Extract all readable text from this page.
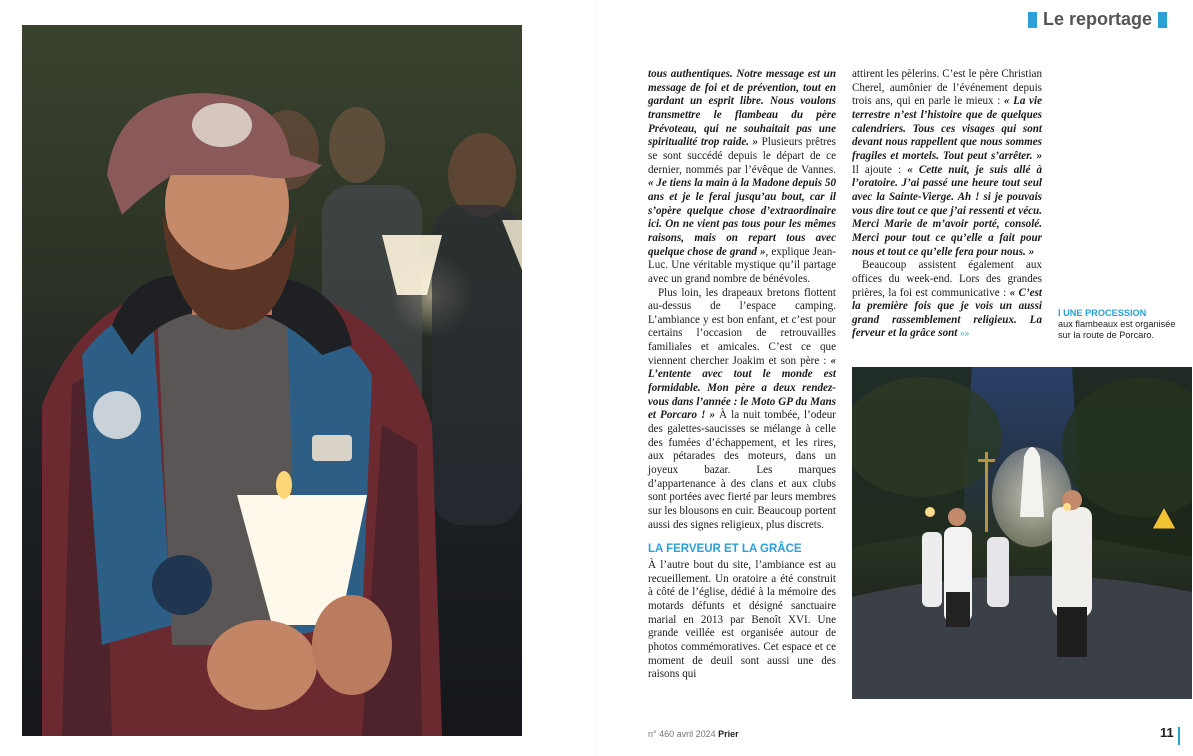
Le reportage

tous authentiques. Notre message est un message de foi et de prévention, tout en gardant un esprit libre. Nous voulons transmettre le flambeau du père Prévoteau, qui ne souhaitait pas une spiritualité trop raide. » Plusieurs prêtres se sont succédé depuis le départ de ce dernier, nommés par l’évêque de Vannes. « Je tiens la main à la Madone depuis 50 ans et je le ferai jusqu’au bout, car il s’opère quelque chose d’extraordinaire ici. On ne vient pas tous pour les mêmes raisons, mais on repart tous avec quelque chose de grand », explique Jean-Luc. Une véritable mystique qu’il partage avec un grand nombre de bénévoles.

Plus loin, les drapeaux bretons flottent au-dessus de l’espace camping. L’ambiance y est bon enfant, et c’est pour certains l’occasion de retrouvailles familiales et amicales. C’est ce que viennent chercher Joakim et son père : « L’entente avec tout le monde est formidable. Mon père a deux rendez-vous dans l’année : le Moto GP du Mans et Porcaro ! » À la nuit tombée, l’odeur des galettes-saucisses se mélange à celle des fumées d’échappement, et les rires, aux pétarades des moteurs, dans un joyeux bazar. Les marques d’appartenance à des clans et aux clubs sont portées avec fierté par leurs membres sur les blousons en cuir. Beaucoup portent aussi des signes religieux, plus discrets.

LA FERVEUR ET LA GRÂCE

À l’autre bout du site, l’ambiance est au recueillement. Un oratoire a été construit à côté de l’église, dédié à la mémoire des motards défunts et désigné sanctuaire marial en 2013 par Benoît XVI. Une grande veillée est organisée autour de photos commémoratives. Cet espace et ce moment de deuil sont aussi une des raisons qui

attirent les pèlerins. C’est le père Christian Cherel, aumônier de l’événement depuis trois ans, qui en parle le mieux : « La vie terrestre n’est l’histoire que de quelques calendriers. Tous ces visages qui sont devant nous rappellent que nous sommes fragiles et mortels. Tout peut s’arrêter. » Il ajoute : « Cette nuit, je suis allé à l’oratoire. J’ai passé une heure tout seul avec la Sainte-Vierge. Ah ! si je pouvais vous dire tout ce que j’ai ressenti et vécu. Merci Marie de m’avoir porté, consolé. Merci pour tout ce qu’elle a fait pour nous et tout ce qu’elle fera pour nous. »

Beaucoup assistent également aux offices du week-end. Lors des grandes prières, la foi est communicative : « C’est la première fois que je vois un aussi grand rassemblement religieux. La ferveur et la grâce sont »»

I UNE PROCESSION
aux flambeaux est organisée sur la route de Porcaro.
n° 460 avril 2024 Prier	11
